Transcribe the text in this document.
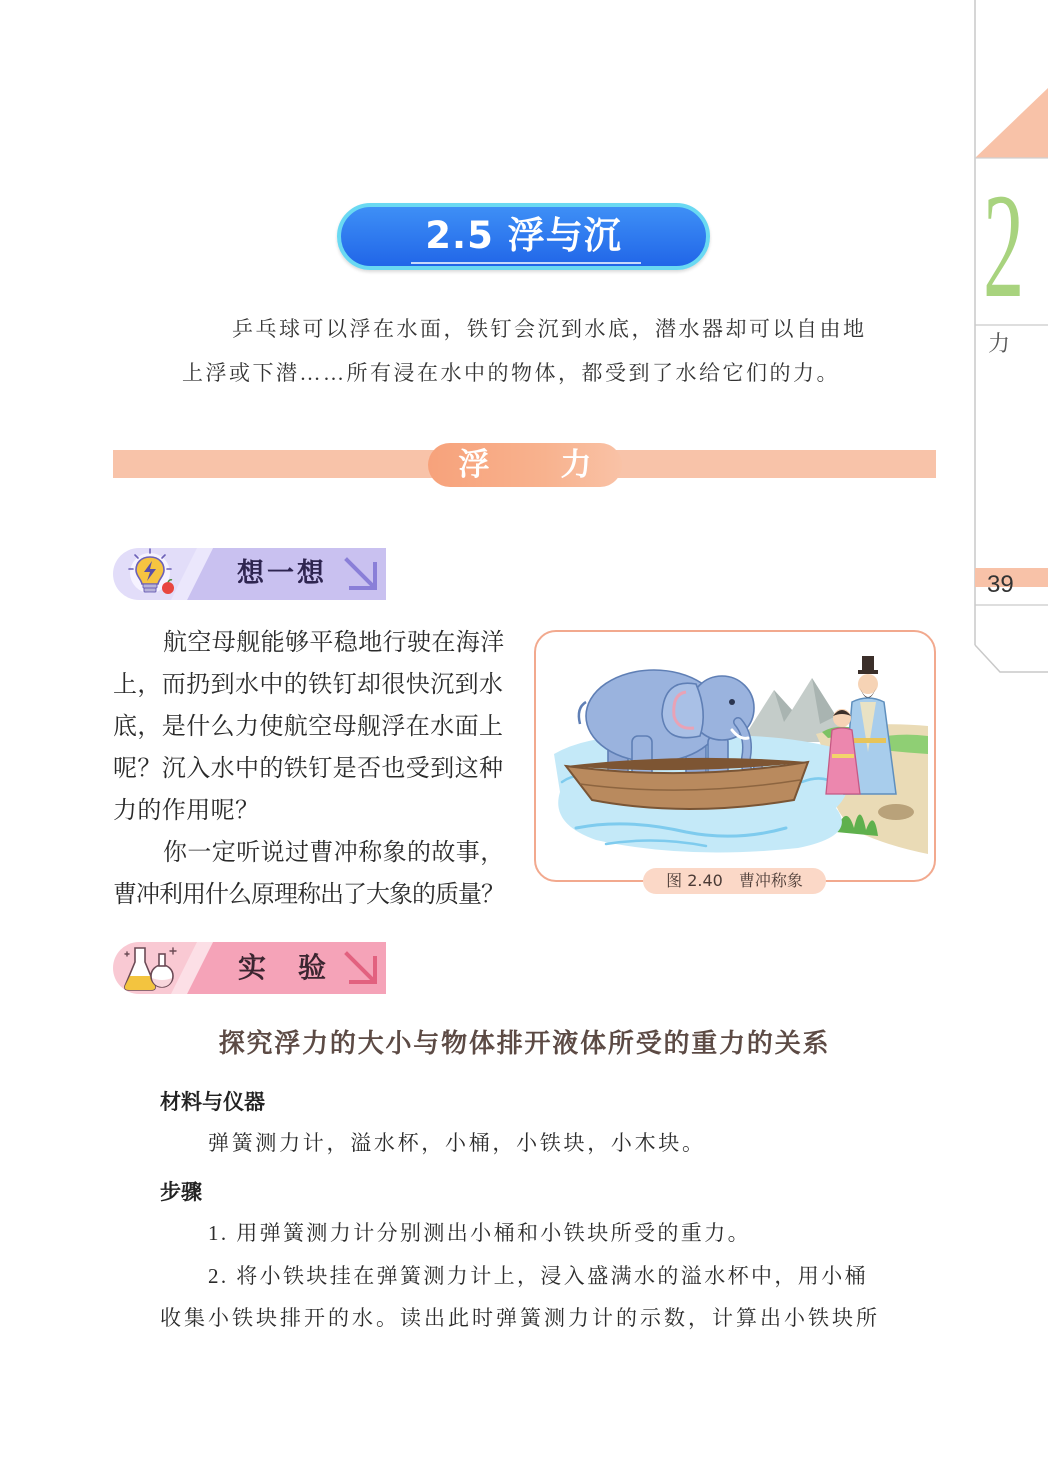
2
力
39
2.5 浮与沉
乒乓球可以浮在水面，铁钉会沉到水底，潜水器却可以自由地
上浮或下潜……所有浸在水中的物体，都受到了水给它们的力。
浮　力
想一想
航空母舰能够平稳地行驶在海洋
上，而扔到水中的铁钉却很快沉到水
底，是什么力使航空母舰浮在水面上
呢？沉入水中的铁钉是否也受到这种
力的作用呢？
你一定听说过曹冲称象的故事，
曹冲利用什么原理称出了大象的质量？	图 2.40　曹冲称象
实　验
探究浮力的大小与物体排开液体所受的重力的关系
材料与仪器
弹簧测力计，溢水杯，小桶，小铁块，小木块。
步骤
1. 用弹簧测力计分别测出小桶和小铁块所受的重力。
2. 将小铁块挂在弹簧测力计上，浸入盛满水的溢水杯中，用小桶
收集小铁块排开的水。读出此时弹簧测力计的示数，计算出小铁块所
